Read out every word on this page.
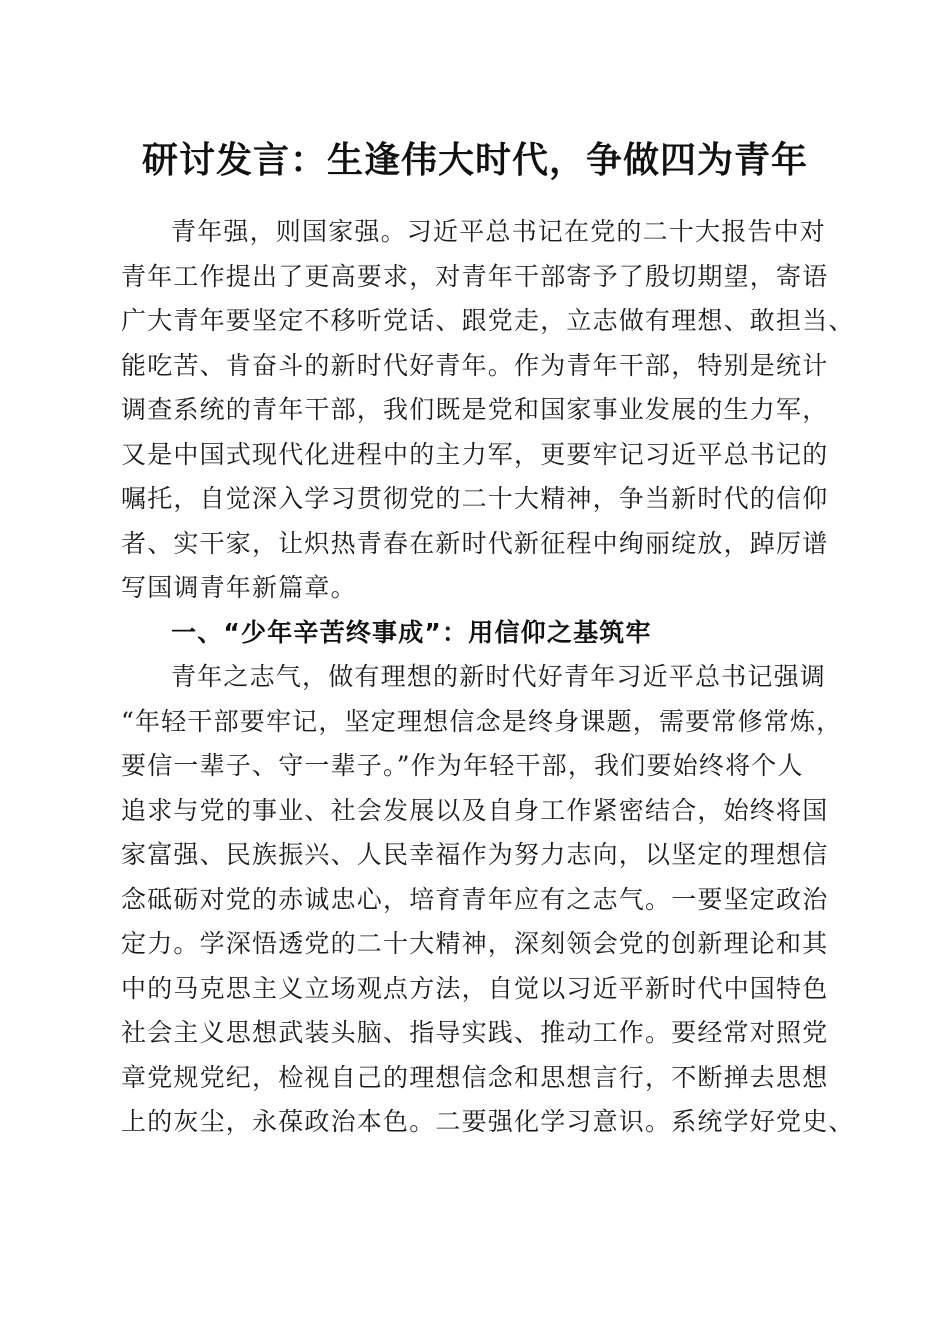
研讨发言：生逢伟大时代，争做四为青年
青年强，则国家强。习近平总书记在党的二十大报告中对
青年工作提出了更高要求，对青年干部寄予了殷切期望，寄语
广大青年要坚定不移听党话、跟党走，立志做有理想、敢担当、
能吃苦、肯奋斗的新时代好青年。作为青年干部，特别是统计
调查系统的青年干部，我们既是党和国家事业发展的生力军，
又是中国式现代化进程中的主力军，更要牢记习近平总书记的
嘱托，自觉深入学习贯彻党的二十大精神，争当新时代的信仰
者、实干家，让炽热青春在新时代新征程中绚丽绽放，踔厉谱
写国调青年新篇章。
一、“少年辛苦终事成”：用信仰之基筑牢
青年之志气，做有理想的新时代好青年习近平总书记强调
“年轻干部要牢记，坚定理想信念是终身课题，需要常修常炼，
要信一辈子、守一辈子。”作为年轻干部，我们要始终将个人
追求与党的事业、社会发展以及自身工作紧密结合，始终将国
家富强、民族振兴、人民幸福作为努力志向，以坚定的理想信
念砥砺对党的赤诚忠心，培育青年应有之志气。一要坚定政治
定力。学深悟透党的二十大精神，深刻领会党的创新理论和其
中的马克思主义立场观点方法，自觉以习近平新时代中国特色
社会主义思想武装头脑、指导实践、推动工作。要经常对照党
章党规党纪，检视自己的理想信念和思想言行，不断掸去思想
上的灰尘，永葆政治本色。二要强化学习意识。系统学好党史、
